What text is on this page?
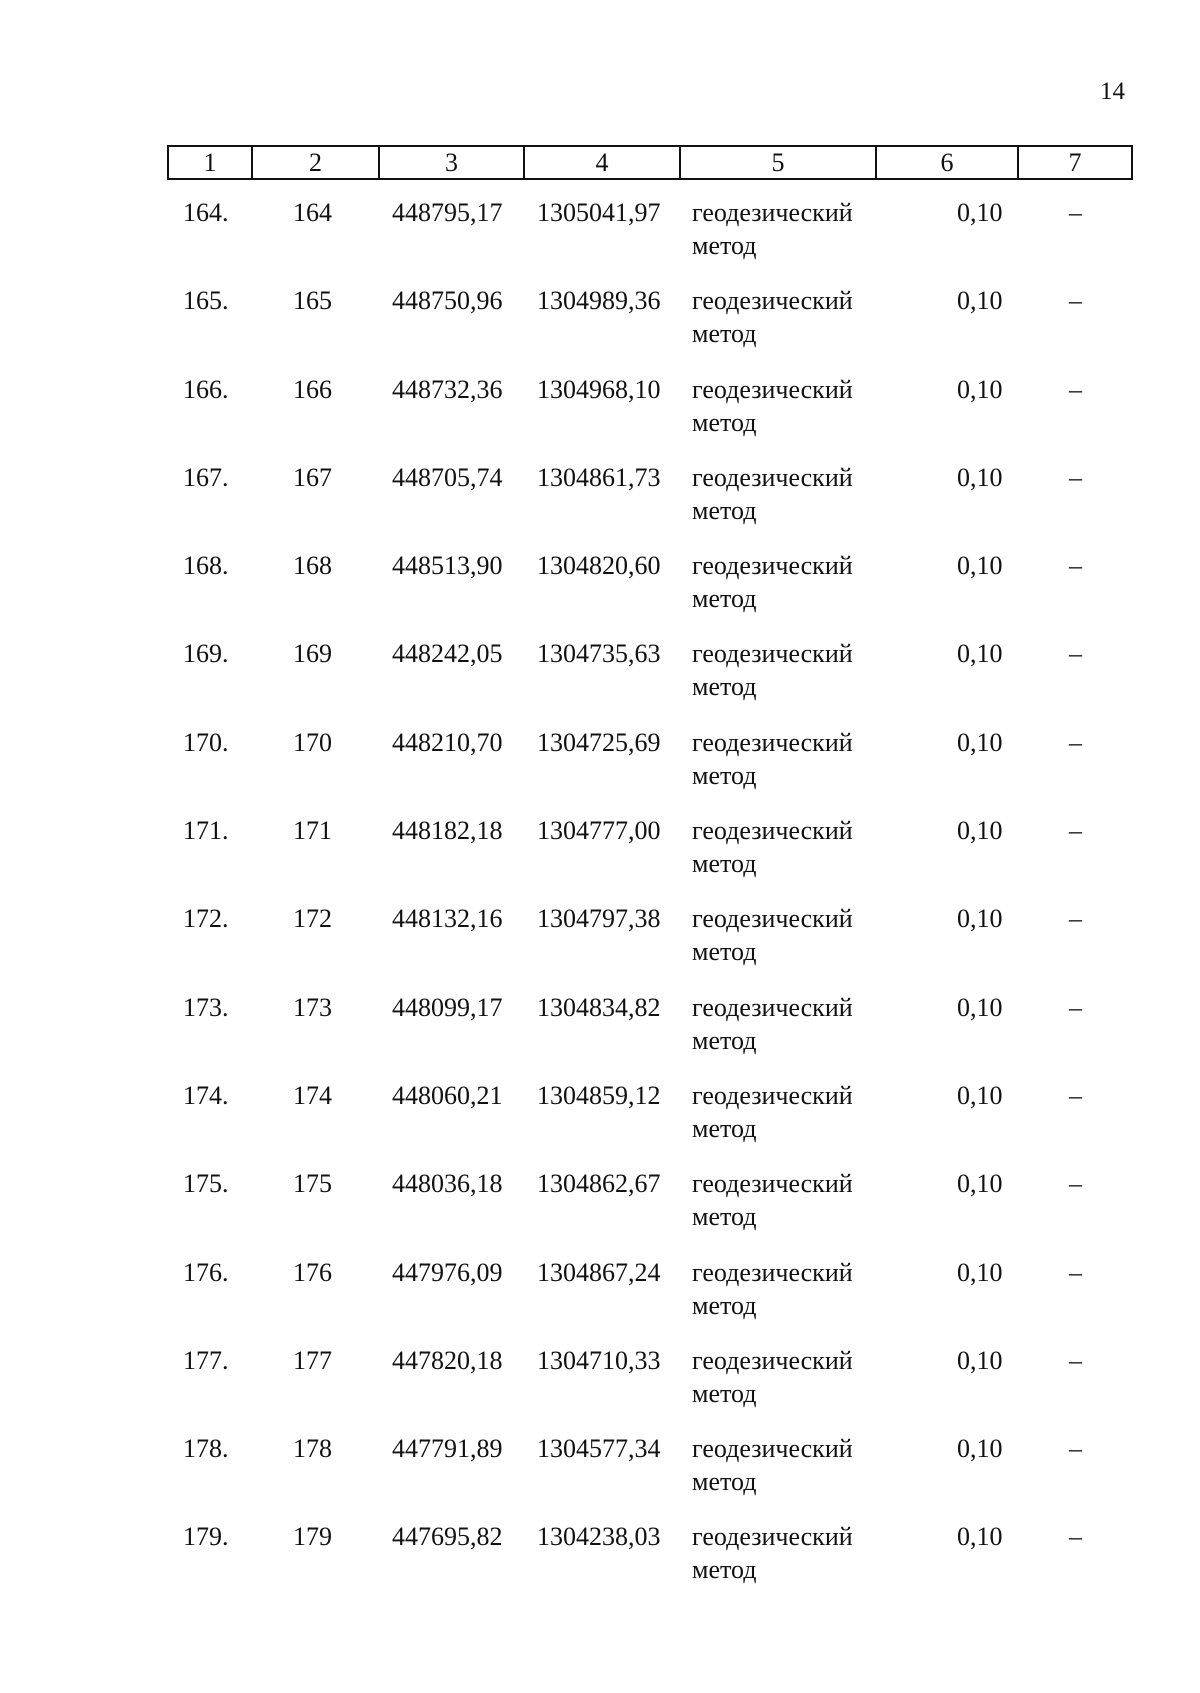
14
1	2	3	4	5	6	7
164. 164 448795,17 1305041,97 геодезический
метод
0,10	–
165. 165 448750,96 1304989,36 геодезический
метод
0,10	–
166. 166 448732,36 1304968,10 геодезический
метод
0,10	–
167. 167 448705,74 1304861,73 геодезический
метод
0,10	–
168. 168 448513,90 1304820,60 геодезический
метод
0,10	–
169. 169 448242,05 1304735,63 геодезический
метод
0,10	–
170. 170 448210,70 1304725,69 геодезический
метод
0,10	–
171. 171 448182,18 1304777,00 геодезический
метод
0,10	–
172. 172 448132,16 1304797,38 геодезический
метод
0,10	–
173. 173 448099,17 1304834,82 геодезический
метод
0,10	–
174. 174 448060,21 1304859,12 геодезический
метод
0,10	–
175. 175 448036,18 1304862,67 геодезический
метод
0,10	–
176. 176 447976,09 1304867,24 геодезический
метод
0,10	–
177. 177 447820,18 1304710,33 геодезический
метод
0,10	–
178. 178 447791,89 1304577,34 геодезический
метод
0,10	–
179. 179 447695,82 1304238,03 геодезический
метод
0,10	–
